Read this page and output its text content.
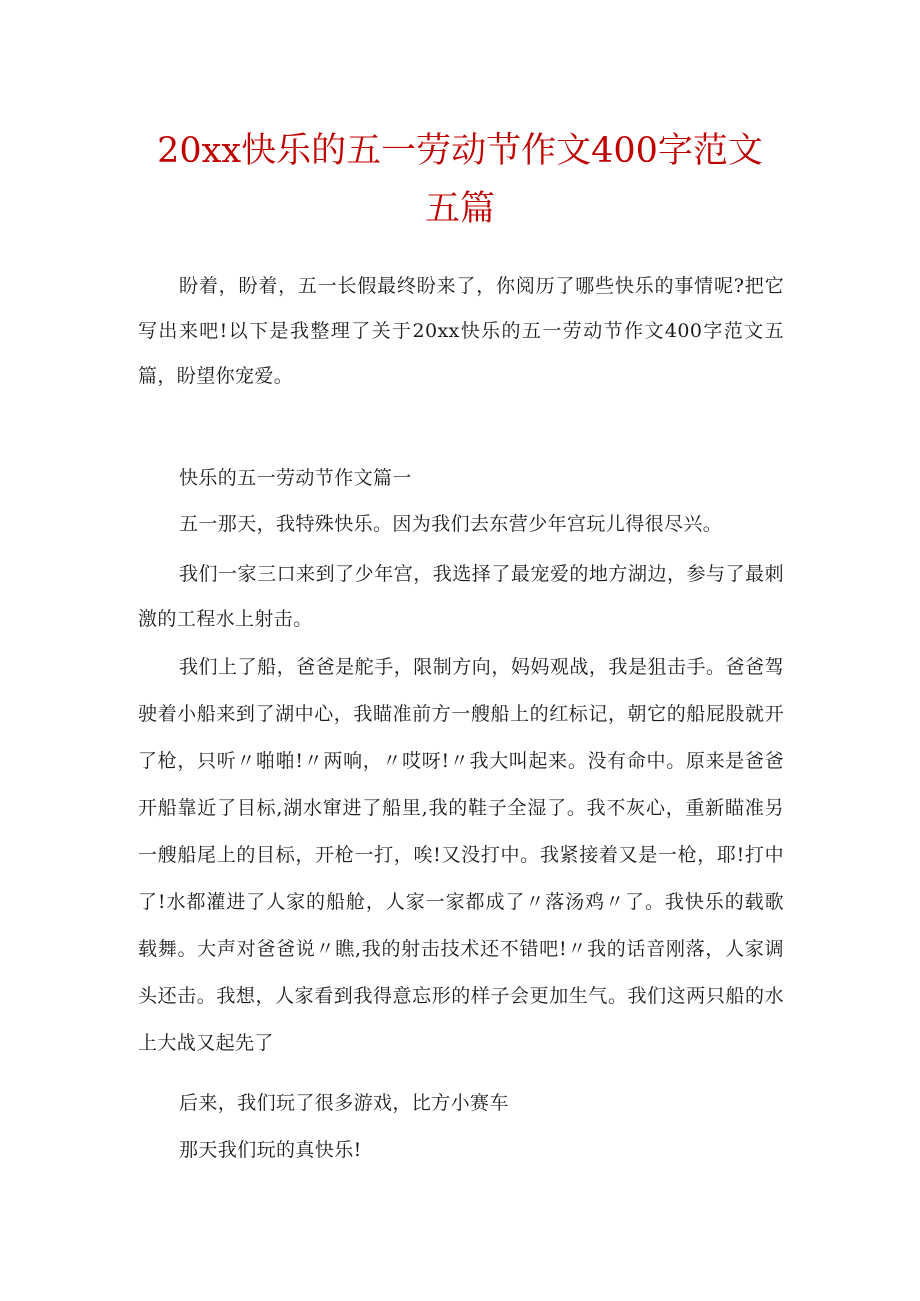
20xx快乐的五一劳动节作文400字范文五篇

盼着，盼着，五一长假最终盼来了，你阅历了哪些快乐的事情呢?把它写出来吧!以下是我整理了关于20xx快乐的五一劳动节作文400字范文五篇，盼望你宠爱。

快乐的五一劳动节作文篇一

五一那天，我特殊快乐。因为我们去东营少年宫玩儿得很尽兴。

我们一家三口来到了少年宫，我选择了最宠爱的地方湖边，参与了最刺激的工程水上射击。

我们上了船，爸爸是舵手，限制方向，妈妈观战，我是狙击手。爸爸驾驶着小船来到了湖中心，我瞄准前方一艘船上的红标记，朝它的船屁股就开了枪，只听〃啪啪!〃两响，〃哎呀!〃我大叫起来。没有命中。原来是爸爸开船靠近了目标,湖水窜进了船里,我的鞋子全湿了。我不灰心，重新瞄准另一艘船尾上的目标，开枪一打，唉!又没打中。我紧接着又是一枪，耶!打中了!水都灌进了人家的船舱，人家一家都成了〃落汤鸡〃了。我快乐的载歌载舞。大声对爸爸说〃瞧,我的射击技术还不错吧!〃我的话音刚落，人家调头还击。我想，人家看到我得意忘形的样子会更加生气。我们这两只船的水上大战又起先了

后来，我们玩了很多游戏，比方小赛车

那天我们玩的真快乐!
